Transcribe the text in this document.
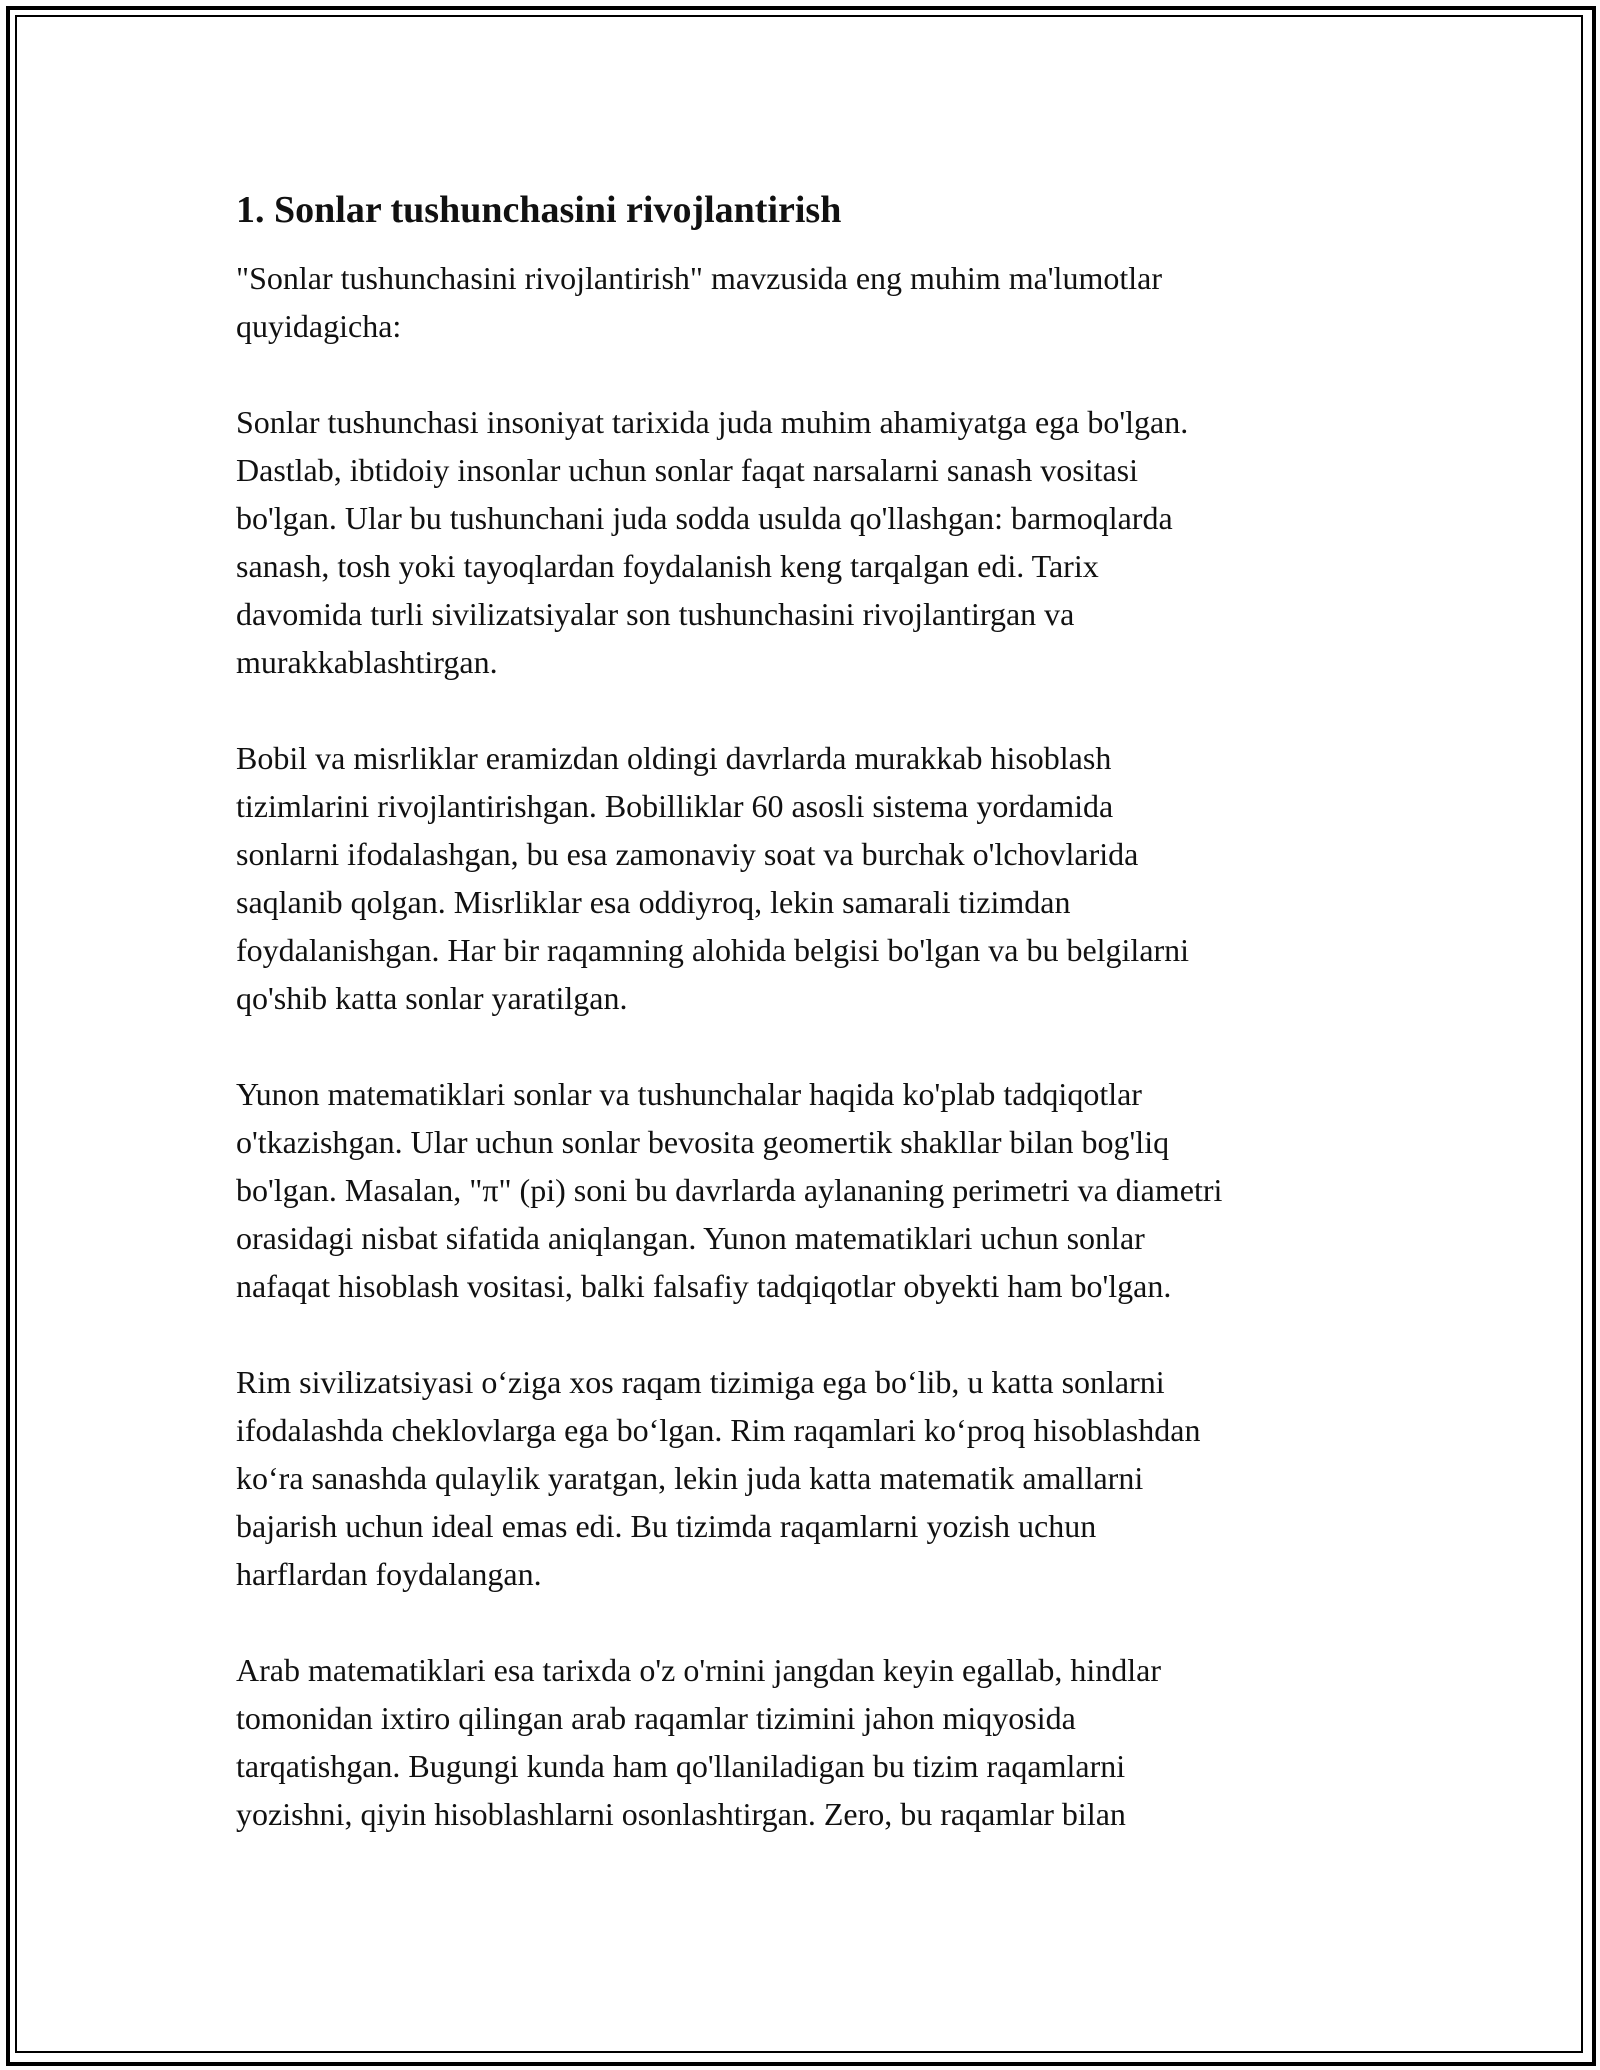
1. Sonlar tushunchasini rivojlantirish

"Sonlar tushunchasini rivojlantirish" mavzusida eng muhim ma'lumotlar
quyidagicha:

Sonlar tushunchasi insoniyat tarixida juda muhim ahamiyatga ega bo'lgan.
Dastlab, ibtidoiy insonlar uchun sonlar faqat narsalarni sanash vositasi
bo'lgan. Ular bu tushunchani juda sodda usulda qo'llashgan: barmoqlarda
sanash, tosh yoki tayoqlardan foydalanish keng tarqalgan edi. Tarix
davomida turli sivilizatsiyalar son tushunchasini rivojlantirgan va
murakkablashtirgan.

Bobil va misrliklar eramizdan oldingi davrlarda murakkab hisoblash
tizimlarini rivojlantirishgan. Bobilliklar 60 asosli sistema yordamida
sonlarni ifodalashgan, bu esa zamonaviy soat va burchak o'lchovlarida
saqlanib qolgan. Misrliklar esa oddiyroq, lekin samarali tizimdan
foydalanishgan. Har bir raqamning alohida belgisi bo'lgan va bu belgilarni
qo'shib katta sonlar yaratilgan.

Yunon matematiklari sonlar va tushunchalar haqida ko'plab tadqiqotlar
o'tkazishgan. Ular uchun sonlar bevosita geomertik shakllar bilan bog'liq
bo'lgan. Masalan, "π" (pi) soni bu davrlarda aylananing perimetri va diametri
orasidagi nisbat sifatida aniqlangan. Yunon matematiklari uchun sonlar
nafaqat hisoblash vositasi, balki falsafiy tadqiqotlar obyekti ham bo'lgan.

Rim sivilizatsiyasi o‘ziga xos raqam tizimiga ega bo‘lib, u katta sonlarni
ifodalashda cheklovlarga ega bo‘lgan. Rim raqamlari ko‘proq hisoblashdan
ko‘ra sanashda qulaylik yaratgan, lekin juda katta matematik amallarni
bajarish uchun ideal emas edi. Bu tizimda raqamlarni yozish uchun
harflardan foydalangan.

Arab matematiklari esa tarixda o'z o'rnini jangdan keyin egallab, hindlar
tomonidan ixtiro qilingan arab raqamlar tizimini jahon miqyosida
tarqatishgan. Bugungi kunda ham qo'llaniladigan bu tizim raqamlarni
yozishni, qiyin hisoblashlarni osonlashtirgan. Zero, bu raqamlar bilan
